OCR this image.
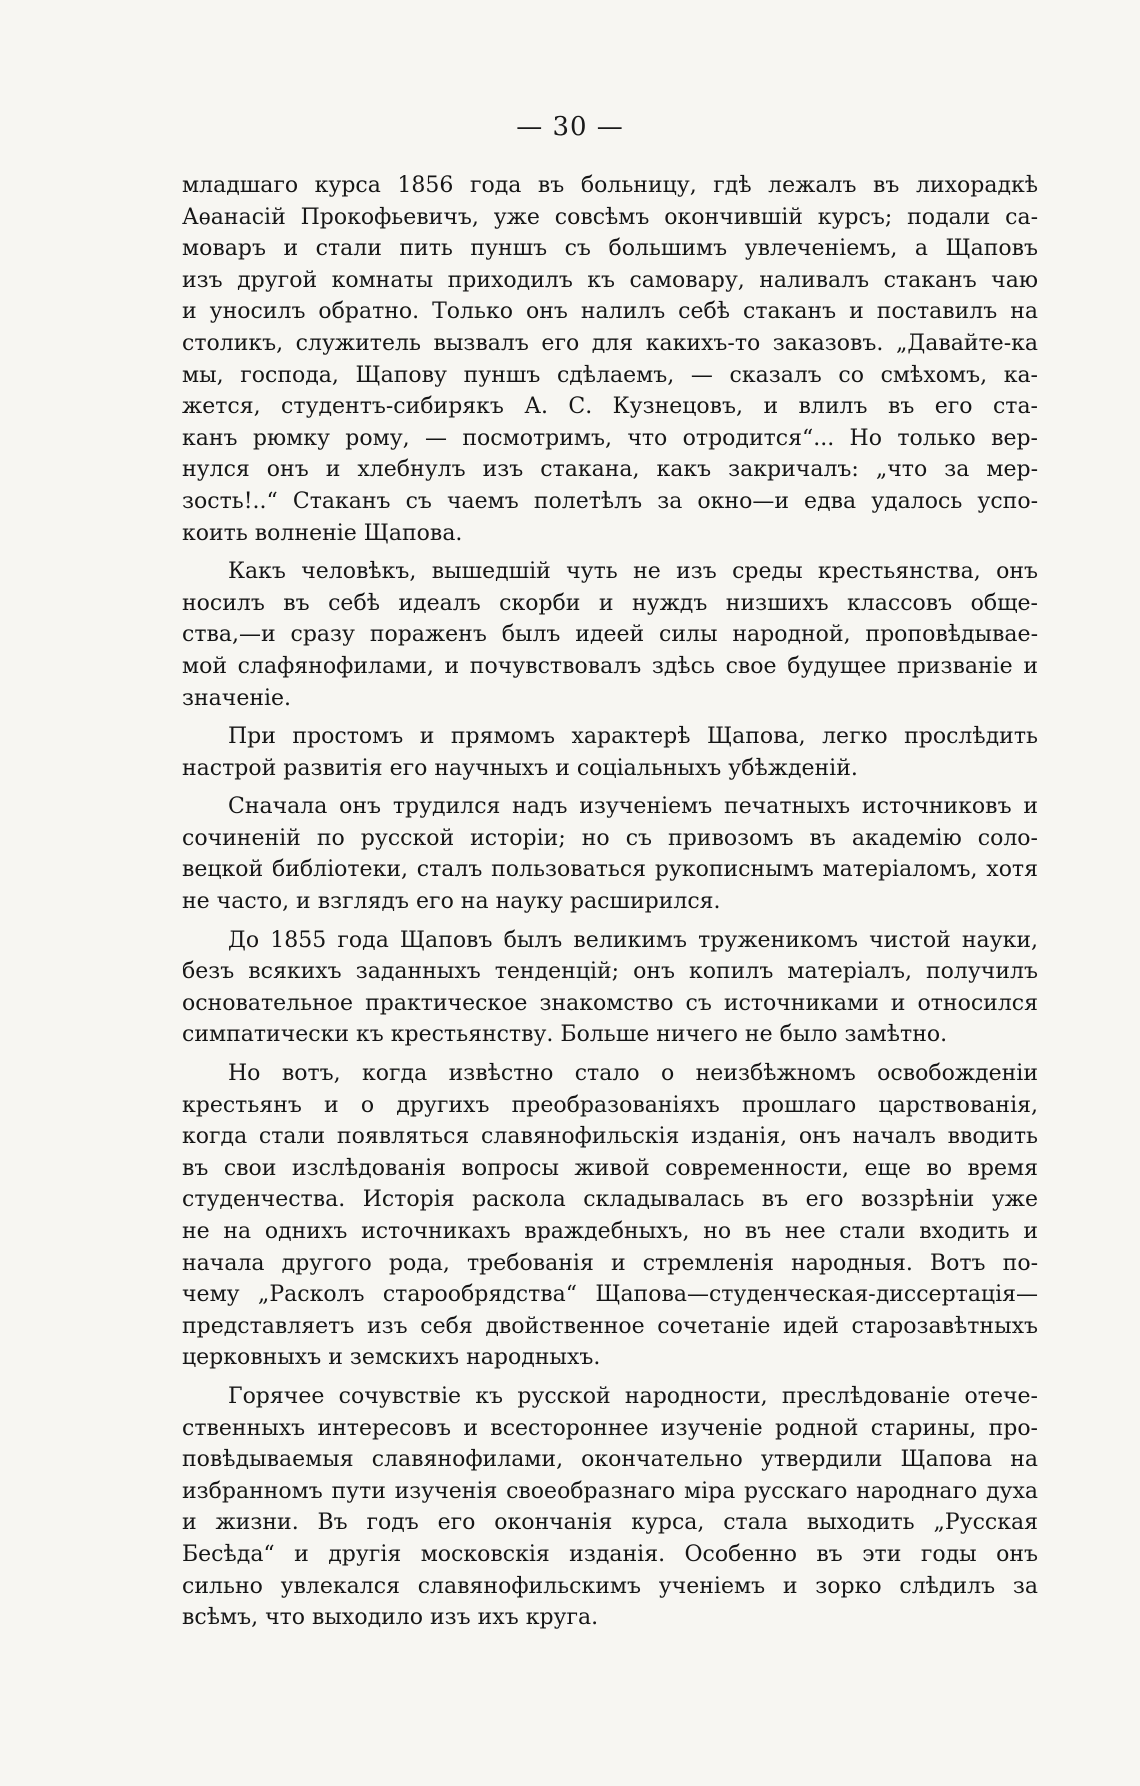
— 30 —
младшаго курса 1856 года въ больницу, гдѣ лежалъ въ лихорадкѣ
Аѳанасій Прокофьевичъ, уже совсѣмъ окончившій курсъ; подали са-
моваръ и стали пить пуншъ съ большимъ увлеченіемъ, а Щаповъ
изъ другой комнаты приходилъ къ самовару, наливалъ стаканъ чаю
и уносилъ обратно. Только онъ налилъ себѣ стаканъ и поставилъ на
столикъ, служитель вызвалъ его для какихъ-то заказовъ. „Давайте-ка
мы, господа, Щапову пуншъ сдѣлаемъ, — сказалъ со смѣхомъ, ка-
жется, студентъ-сибирякъ А. С. Кузнецовъ, и влилъ въ его ста-
канъ рюмку рому, — посмотримъ, что отродится“... Но только вер-
нулся онъ и хлебнулъ изъ стакана, какъ закричалъ: „что за мер-
зость!..“ Стаканъ съ чаемъ полетѣлъ за окно—и едва удалось успо-
коить волненіе Щапова.
Какъ человѣкъ, вышедшій чуть не изъ среды крестьянства, онъ
носилъ въ себѣ идеалъ скорби и нуждъ низшихъ классовъ обще-
ства,—и сразу пораженъ былъ идеей силы народной, проповѣдывае-
мой слафянофилами, и почувствовалъ здѣсь свое будущее призваніе и
значеніе.
При простомъ и прямомъ характерѣ Щапова, легко прослѣдить
настрой развитія его научныхъ и соціальныхъ убѣжденій.
Сначала онъ трудился надъ изученіемъ печатныхъ источниковъ и
сочиненій по русской исторіи; но съ привозомъ въ академію соло-
вецкой библіотеки, сталъ пользоваться рукописнымъ матеріаломъ, хотя
не часто, и взглядъ его на науку расширился.
До 1855 года Щаповъ былъ великимъ труженикомъ чистой науки,
безъ всякихъ заданныхъ тенденцій; онъ копилъ матеріалъ, получилъ
основательное практическое знакомство съ источниками и относился
симпатически къ крестьянству. Больше ничего не было замѣтно.
Но вотъ, когда извѣстно стало о неизбѣжномъ освобожденіи
крестьянъ и о другихъ преобразованіяхъ прошлаго царствованія,
когда стали появляться славянофильскія изданія, онъ началъ вводить
въ свои изслѣдованія вопросы живой современности, еще во время
студенчества. Исторія раскола складывалась въ его воззрѣніи уже
не на однихъ источникахъ враждебныхъ, но въ нее стали входить и
начала другого рода, требованія и стремленія народныя. Вотъ по-
чему „Расколъ старообрядства“ Щапова—студенческая-диссертація—
представляетъ изъ себя двойственное сочетаніе идей старозавѣтныхъ
церковныхъ и земскихъ народныхъ.
Горячее сочувствіе къ русской народности, преслѣдованіе отече-
ственныхъ интересовъ и всестороннее изученіе родной старины, про-
повѣдываемыя славянофилами, окончательно утвердили Щапова на
избранномъ пути изученія своеобразнаго міра русскаго народнаго духа
и жизни. Въ годъ его окончанія курса, стала выходить „Русская
Бесѣда“ и другія московскія изданія. Особенно въ эти годы онъ
сильно увлекался славянофильскимъ ученіемъ и зорко слѣдилъ за
всѣмъ, что выходило изъ ихъ круга.
